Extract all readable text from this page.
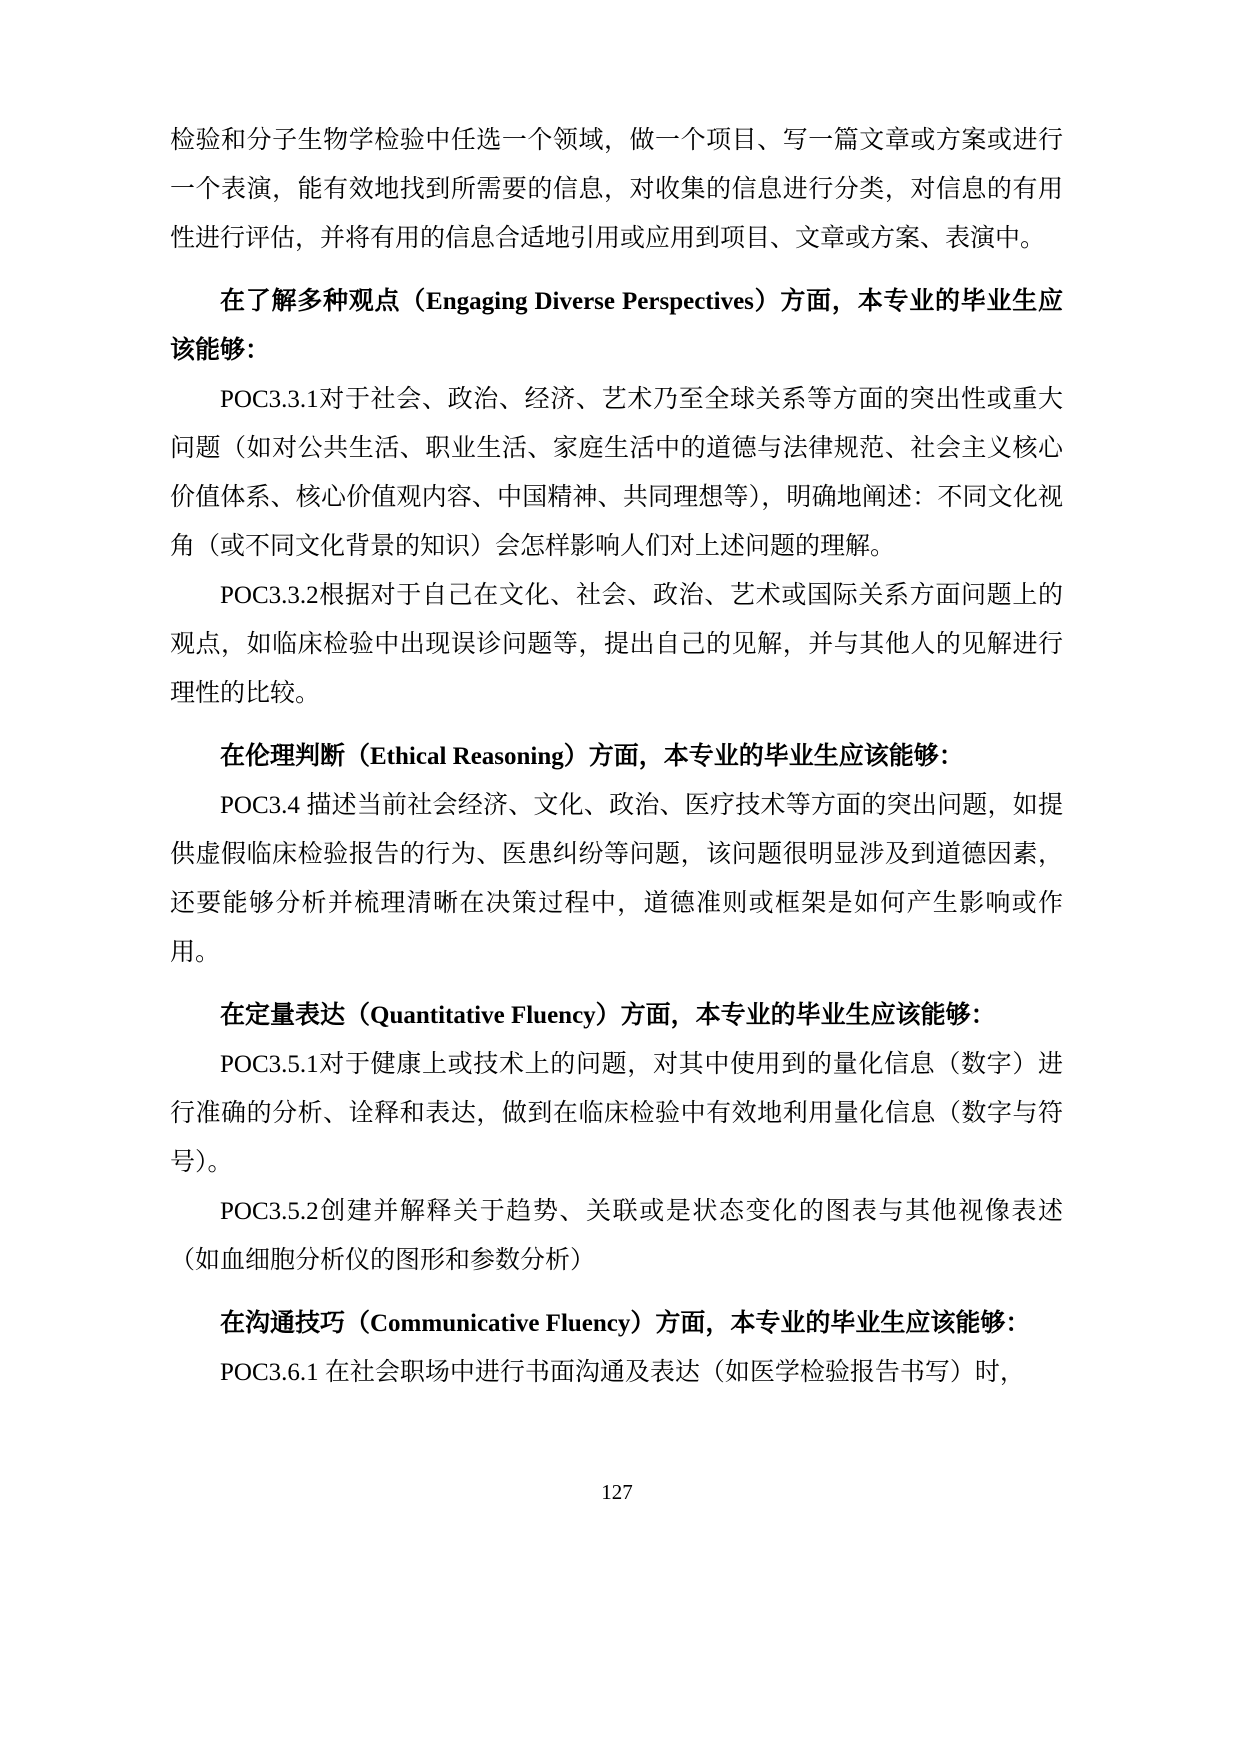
检验和分子生物学检验中任选一个领域，做一个项目、写一篇文章或方案或进行一个表演，能有效地找到所需要的信息，对收集的信息进行分类，对信息的有用性进行评估，并将有用的信息合适地引用或应用到项目、文章或方案、表演中。

在了解多种观点（Engaging Diverse Perspectives）方面，本专业的毕业生应该能够：

POC3.3.1对于社会、政治、经济、艺术乃至全球关系等方面的突出性或重大问题（如对公共生活、职业生活、家庭生活中的道德与法律规范、社会主义核心价值体系、核心价值观内容、中国精神、共同理想等），明确地阐述：不同文化视角（或不同文化背景的知识）会怎样影响人们对上述问题的理解。

POC3.3.2根据对于自己在文化、社会、政治、艺术或国际关系方面问题上的观点，如临床检验中出现误诊问题等，提出自己的见解，并与其他人的见解进行理性的比较。

在伦理判断（Ethical Reasoning）方面，本专业的毕业生应该能够：

POC3.4 描述当前社会经济、文化、政治、医疗技术等方面的突出问题，如提供虚假临床检验报告的行为、医患纠纷等问题，该问题很明显涉及到道德因素，还要能够分析并梳理清晰在决策过程中，道德准则或框架是如何产生影响或作用。

在定量表达（Quantitative Fluency）方面，本专业的毕业生应该能够：

POC3.5.1对于健康上或技术上的问题，对其中使用到的量化信息（数字）进行准确的分析、诠释和表达，做到在临床检验中有效地利用量化信息（数字与符号）。

POC3.5.2创建并解释关于趋势、关联或是状态变化的图表与其他视像表述（如血细胞分析仪的图形和参数分析）

在沟通技巧（Communicative Fluency）方面，本专业的毕业生应该能够：

POC3.6.1 在社会职场中进行书面沟通及表达（如医学检验报告书写）时，

127
